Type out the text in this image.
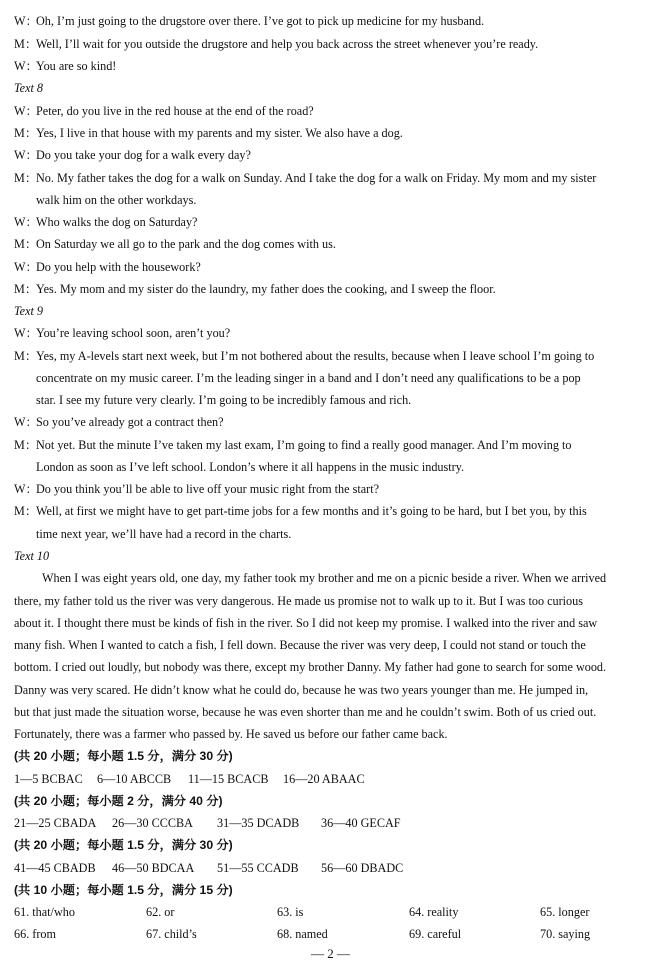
W：
Oh, I’m just going to the drugstore over there. I’ve got to pick up medicine for my husband.
M：
Well, I’ll wait for you outside the drugstore and help you back across the street whenever you’re ready.
W：
You are so kind!
Text 8
W：
Peter, do you live in the red house at the end of the road?
M：
Yes, I live in that house with my parents and my sister. We also have a dog.
W：
Do you take your dog for a walk every day?
M：
No. My father takes the dog for a walk on Sunday. And I take the dog for a walk on Friday. My mom and my sister
walk him on the other workdays.
W：
Who walks the dog on Saturday?
M：
On Saturday we all go to the park and the dog comes with us.
W：
Do you help with the housework?
M：
Yes. My mom and my sister do the laundry, my father does the cooking, and I sweep the floor.
Text 9
W：
You’re leaving school soon, aren’t you?
M：
Yes, my A-levels start next week, but I’m not bothered about the results, because when I leave school I’m going to
concentrate on my music career. I’m the leading singer in a band and I don’t need any qualifications to be a pop
star. I see my future very clearly. I’m going to be incredibly famous and rich.
W：
So you’ve already got a contract then?
M：
Not yet. But the minute I’ve taken my last exam, I’m going to find a really good manager. And I’m moving to
London as soon as I’ve left school. London’s where it all happens in the music industry.
W：
Do you think you’ll be able to live off your music right from the start?
M：
Well, at first we might have to get part-time jobs for a few months and it’s going to be hard, but I bet you, by this
time next year, we’ll have had a record in the charts.
Text 10
When I was eight years old, one day, my father took my brother and me on a picnic beside a river. When we arrived
there, my father told us the river was very dangerous. He made us promise not to walk up to it. But I was too curious
about it. I thought there must be kinds of fish in the river. So I did not keep my promise. I walked into the river and saw
many fish. When I wanted to catch a fish, I fell down. Because the river was very deep, I could not stand or touch the
bottom. I cried out loudly, but nobody was there, except my brother Danny. My father had gone to search for some wood.
Danny was very scared. He didn’t know what he could do, because he was two years younger than me. He jumped in,
but that just made the situation worse, because he was even shorter than me and he couldn’t swim. Both of us cried out.
Fortunately, there was a farmer who passed by. He saved us before our father came back.
(共 20 小题；每小题 1.5 分，满分 30 分)
1—5 BCBAC 6—10 ABCCB 11—15 BCACB 16—20 ABAAC
(共 20 小题；每小题 2 分，满分 40 分)
21—25 CBADA 26—30 CCCBA 31—35 DCADB 36—40 GECAF
(共 20 小题；每小题 1.5 分，满分 30 分)
41—45 CBADB 46—50 BDCAA 51—55 CCADB 56—60 DBADC
(共 10 小题；每小题 1.5 分，满分 15 分)
61. that/who	62. or	63. is	64. reality	65. longer
66. from	67. child’s	68. named	69. careful	70. saying
— 2 —
